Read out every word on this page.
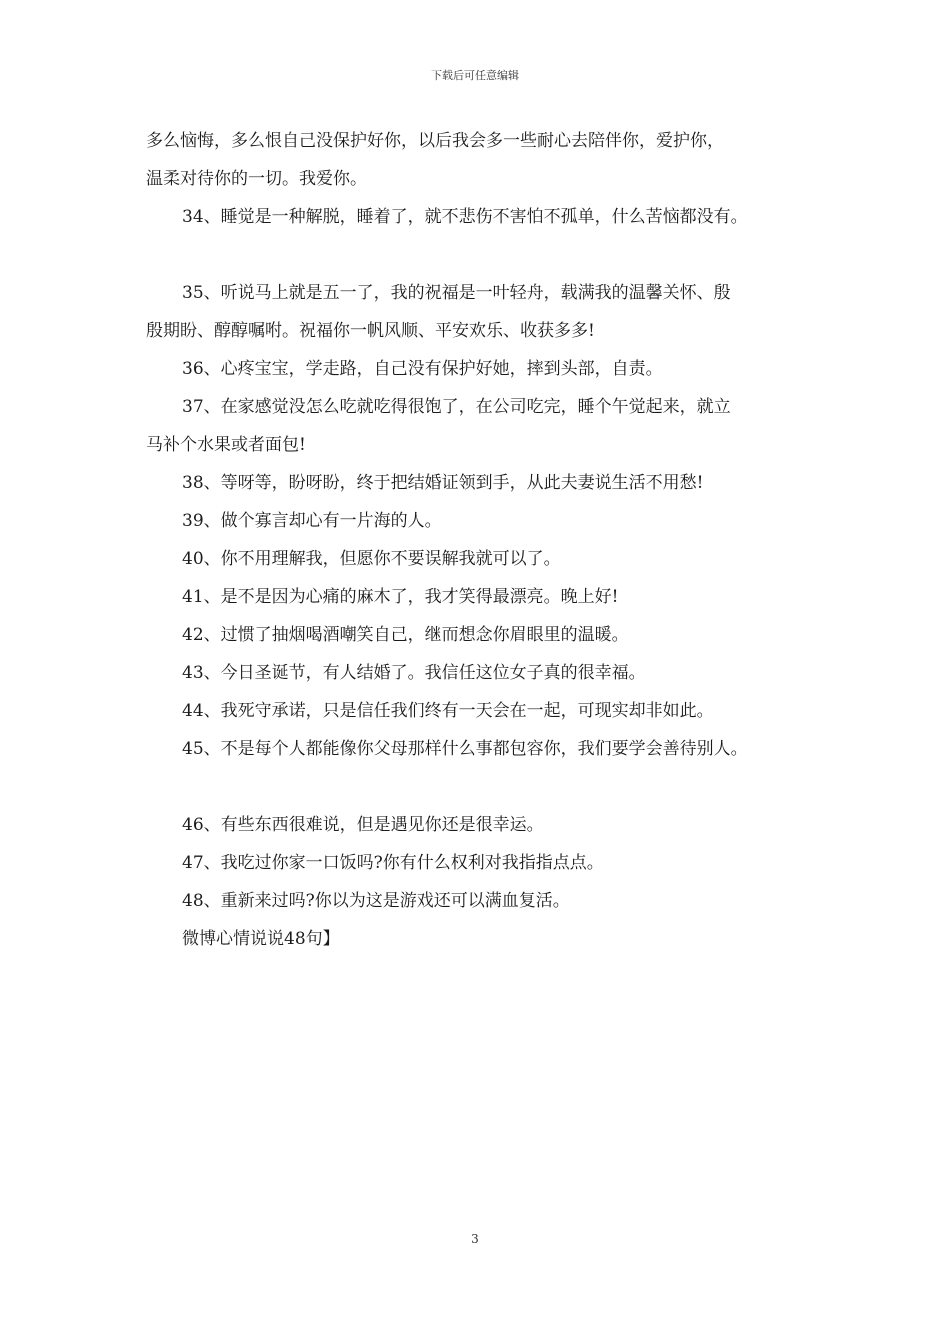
下载后可任意编辑
多么恼悔，多么恨自己没保护好你，以后我会多一些耐心去陪伴你，爱护你，
温柔对待你的一切。我爱你。
34、睡觉是一种解脱，睡着了，就不悲伤不害怕不孤单，什么苦恼都没有。
35、听说马上就是五一了，我的祝福是一叶轻舟，载满我的温馨关怀、殷
殷期盼、醇醇嘱咐。祝福你一帆风顺、平安欢乐、收获多多!
36、心疼宝宝，学走路，自己没有保护好她，摔到头部，自责。
37、在家感觉没怎么吃就吃得很饱了，在公司吃完，睡个午觉起来，就立
马补个水果或者面包!
38、等呀等，盼呀盼，终于把结婚证领到手，从此夫妻说生活不用愁!
39、做个寡言却心有一片海的人。
40、你不用理解我，但愿你不要误解我就可以了。
41、是不是因为心痛的麻木了，我才笑得最漂亮。晚上好!
42、过惯了抽烟喝酒嘲笑自己，继而想念你眉眼里的温暖。
43、今日圣诞节，有人结婚了。我信任这位女子真的很幸福。
44、我死守承诺，只是信任我们终有一天会在一起，可现实却非如此。
45、不是每个人都能像你父母那样什么事都包容你，我们要学会善待别人。
46、有些东西很难说，但是遇见你还是很幸运。
47、我吃过你家一口饭吗?你有什么权利对我指指点点。
48、重新来过吗?你以为这是游戏还可以满血复活。
微博心情说说48句】
3
